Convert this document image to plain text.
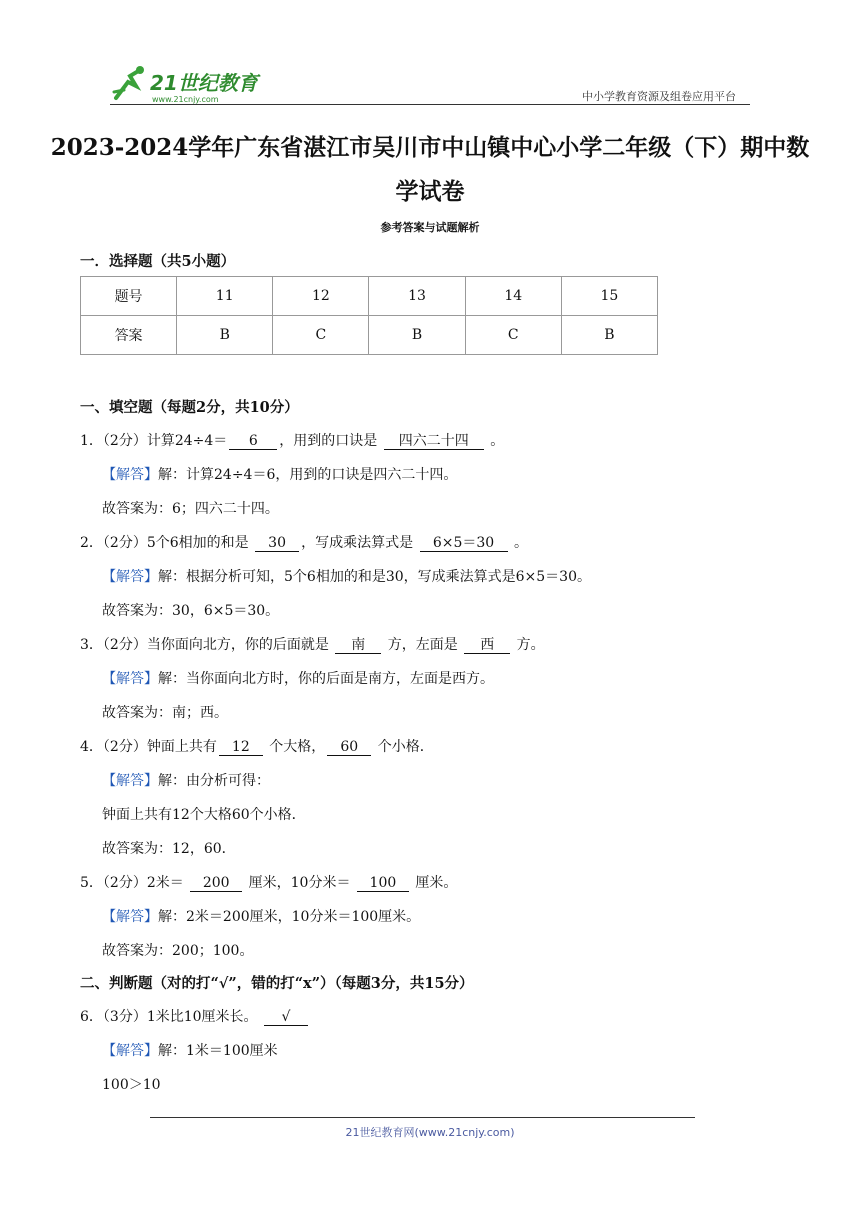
21世纪教育
www.21cnjy.com	中小学教育资源及组卷应用平台
2023-2024学年广东省湛江市吴川市中山镇中心小学二年级（下）期中数学试卷
参考答案与试题解析
一．选择题（共5小题）
题号	11	12	13	14	15
答案	B	C	B	C	B
一、填空题（每题2分，共10分）
1．（2分）计算24÷4＝ 6 ，用到的口诀是 四六二十四 。
【解答】解：计算24÷4＝6，用到的口诀是四六二十四。
故答案为：6；四六二十四。
2．（2分）5个6相加的和是 30 ，写成乘法算式是 6×5＝30 。
【解答】解：根据分析可知，5个6相加的和是30，写成乘法算式是6×5＝30。
故答案为：30，6×5＝30。
3．（2分）当你面向北方，你的后面就是 南 方，左面是 西 方。
【解答】解：当你面向北方时，你的后面是南方，左面是西方。
故答案为：南；西。
4．（2分）钟面上共有 12 个大格， 60 个小格．
【解答】解：由分析可得：
钟面上共有12个大格60个小格．
故答案为：12，60．
5．（2分）2米＝ 200 厘米，10分米＝ 100 厘米。
【解答】解：2米＝200厘米，10分米＝100厘米。
故答案为：200；100。
二、判断题（对的打“√”，错的打“x”）（每题3分，共15分）
6．（3分）1米比10厘米长。 √
【解答】解：1米＝100厘米
100＞10
21世纪教育网(www.21cnjy.com)
